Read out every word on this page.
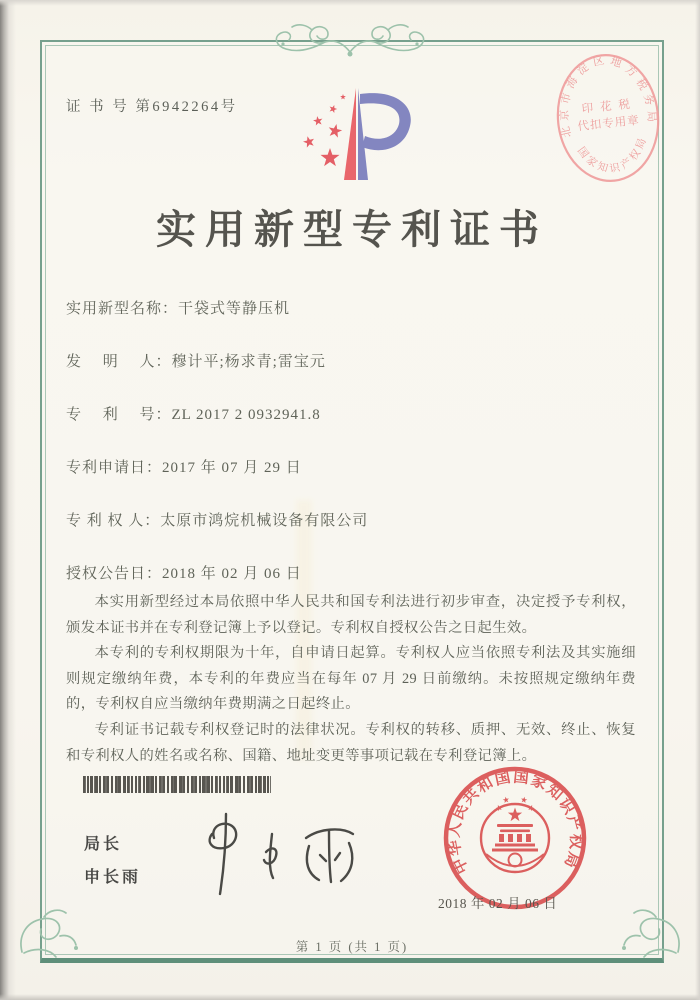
证 书 号 第6942264号
北京市海淀区地方税务局
印 花 税
代扣专用章
国家知识产权局
实用新型专利证书
实用新型名称： 干袋式等静压机
发　 明　 人： 穆计平;杨求青;雷宝元
专　 利　 号： ZL 2017 2 0932941.8
专利申请日： 2017 年 07 月 29 日
专 利 权 人： 太原市鸿烷机械设备有限公司
授权公告日： 2018 年 02 月 06 日

本实用新型经过本局依照中华人民共和国专利法进行初步审查，决定授予专利权，颁发本证书并在专利登记簿上予以登记。专利权自授权公告之日起生效。

本专利的专利权期限为十年，自申请日起算。专利权人应当依照专利法及其实施细则规定缴纳年费，本专利的年费应当在每年 07 月 29 日前缴纳。未按照规定缴纳年费的，专利权自应当缴纳年费期满之日起终止。

专利证书记载专利权登记时的法律状况。专利权的转移、质押、无效、终止、恢复和专利权人的姓名或名称、国籍、地址变更等事项记载在专利登记簿上。

局长
申长雨
中华人民共和国国家知识产权局
2018 年 02 月 06 日
第 1 页 (共 1 页)
